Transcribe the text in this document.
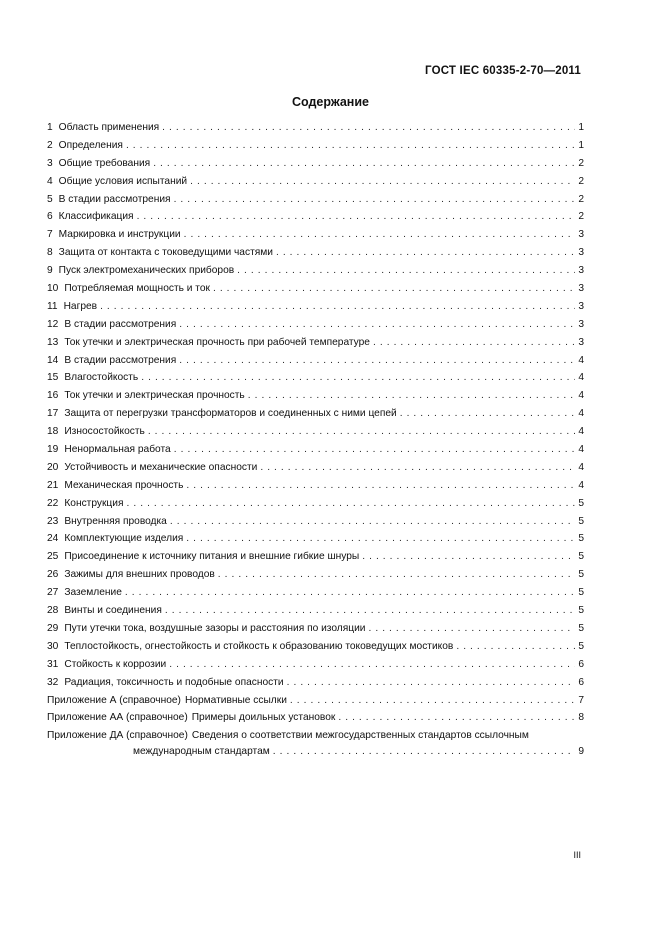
ГОСТ IEC 60335-2-70—2011
Содержание
1 Область применения . . .	1
2 Определения . . .	1
3 Общие требования . . .	2
4 Общие условия испытаний . . .	2
5 В стадии рассмотрения . . .	2
6 Классификация . . .	2
7 Маркировка и инструкции . . .	3
8 Защита от контакта с токоведущими частями . . .	3
9 Пуск электромеханических приборов . . .	3
10 Потребляемая мощность и ток . . .	3
11 Нагрев . . .	3
12 В стадии рассмотрения . . .	3
13 Ток утечки и электрическая прочность при рабочей температуре . . .	3
14 В стадии рассмотрения . . .	4
15 Влагостойкость . . .	4
16 Ток утечки и электрическая прочность . . .	4
17 Защита от перегрузки трансформаторов и соединенных с ними цепей . . .	4
18 Износостойкость . . .	4
19 Ненормальная работа . . .	4
20 Устойчивость и механические опасности . . .	4
21 Механическая прочность . . .	4
22 Конструкция . . .	5
23 Внутренняя проводка . . .	5
24 Комплектующие изделия . . .	5
25 Присоединение к источнику питания и внешние гибкие шнуры . . .	5
26 Зажимы для внешних проводов . . .	5
27 Заземление . . .	5
28 Винты и соединения . . .	5
29 Пути утечки тока, воздушные зазоры и расстояния по изоляции . . .	5
30 Теплостойкость, огнестойкость и стойкость к образованию токоведущих мостиков . . .	5
31 Стойкость к коррозии . . .	6
32 Радиация, токсичность и подобные опасности . . .	6
Приложение А (справочное) Нормативные ссылки . . .	7
Приложение АА (справочное) Примеры доильных установок . . .	8
Приложение ДА (справочное) Сведения о соответствии межгосударственных стандартов ссылочным
международным стандартам . . .	9
III
